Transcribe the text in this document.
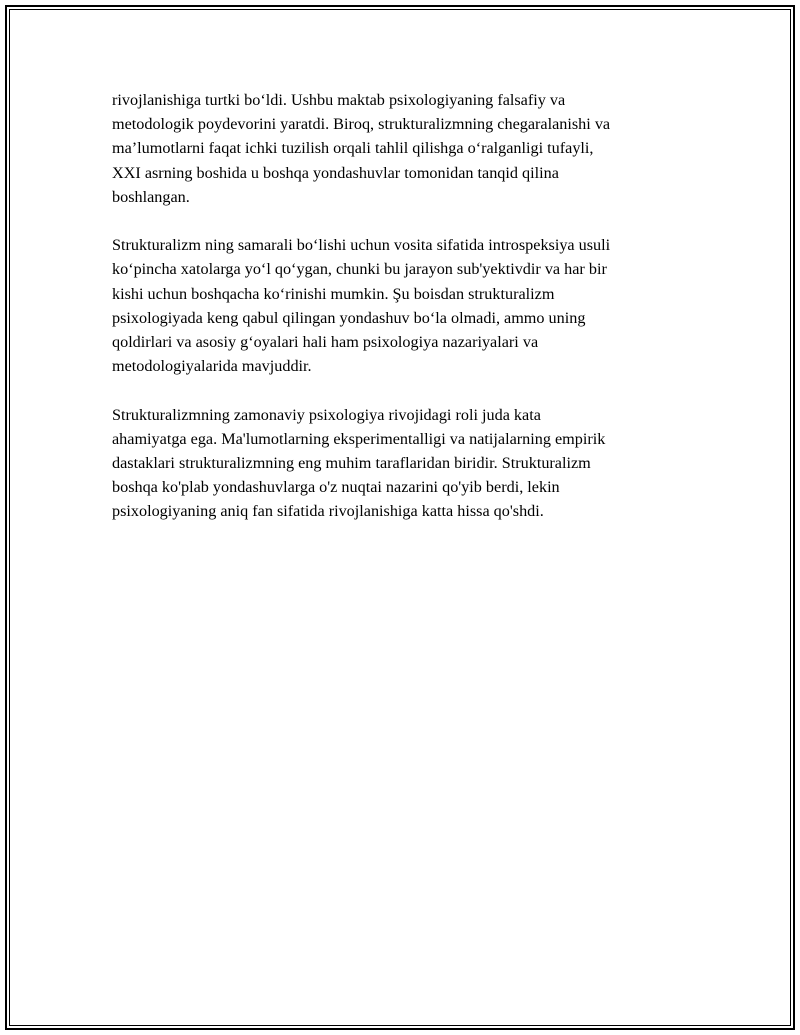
rivojlanishiga turtki bo‘ldi. Ushbu maktab psixologiyaning falsafiy va
metodologik poydevorini yaratdi. Biroq, strukturalizmning chegaralanishi va
ma’lumotlarni faqat ichki tuzilish orqali tahlil qilishga o‘ralganligi tufayli,
XXI asrning boshida u boshqa yondashuvlar tomonidan tanqid qilina
boshlangan.

Strukturalizm ning samarali bo‘lishi uchun vosita sifatida introspeksiya usuli
ko‘pincha xatolarga yo‘l qo‘ygan, chunki bu jarayon sub'yektivdir va har bir
kishi uchun boshqacha ko‘rinishi mumkin. Şu boisdan strukturalizm
psixologiyada keng qabul qilingan yondashuv bo‘la olmadi, ammo uning
qoldirlari va asosiy g‘oyalari hali ham psixologiya nazariyalari va
metodologiyalarida mavjuddir.

Strukturalizmning zamonaviy psixologiya rivojidagi roli juda kata
ahamiyatga ega. Ma'lumotlarning eksperimentalligi va natijalarning empirik
dastaklari strukturalizmning eng muhim taraflaridan biridir. Strukturalizm
boshqa ko'plab yondashuvlarga o'z nuqtai nazarini qo'yib berdi, lekin
psixologiyaning aniq fan sifatida rivojlanishiga katta hissa qo'shdi.
